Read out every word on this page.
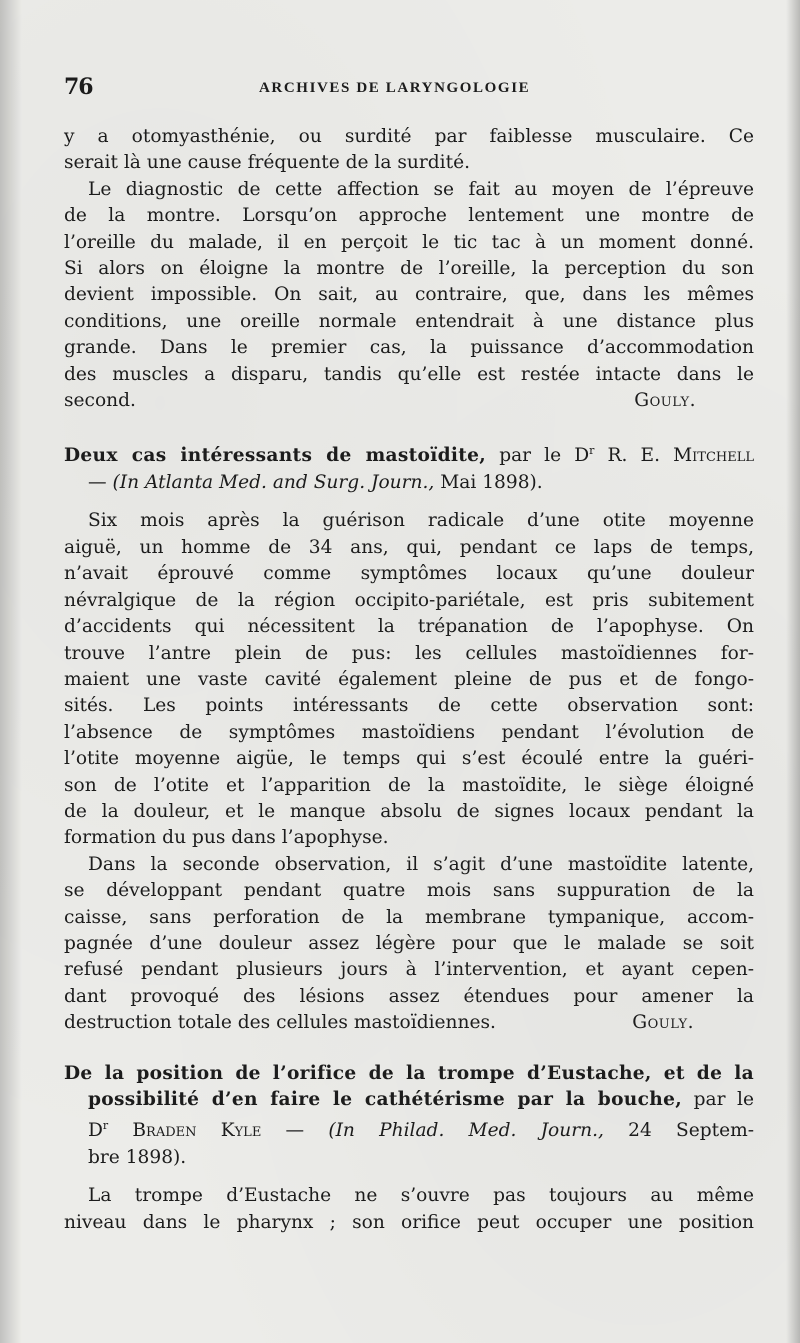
76	ARCHIVES DE LARYNGOLOGIE

y a otomyasthénie, ou surdité par faiblesse musculaire. Ce

serait là une cause fréquente de la surdité.

Le diagnostic de cette affection se fait au moyen de l’épreuve

de la montre. Lorsqu’on approche lentement une montre de

l’oreille du malade, il en perçoit le tic tac à un moment donné.

Si alors on éloigne la montre de l’oreille, la perception du son

devient impossible. On sait, au contraire, que, dans les mêmes

conditions, une oreille normale entendrait à une distance plus

grande. Dans le premier cas, la puissance d’accommodation

des muscles a disparu, tandis qu’elle est restée intacte dans le

second.	Gouly.

Deux cas intéressants de mastoïdite, par le $D^r$ R. E. Mitchell

— (In Atlanta Med. and Surg. Journ., Mai 1898).

Six mois après la guérison radicale d’une otite moyenne

aiguë, un homme de 34 ans, qui, pendant ce laps de temps,

n’avait éprouvé comme symptômes locaux qu’une douleur

névralgique de la région occipito-pariétale, est pris subitement

d’accidents qui nécessitent la trépanation de l’apophyse. On

trouve l’antre plein de pus: les cellules mastoïdiennes for-

maient une vaste cavité également pleine de pus et de fongo-

sités. Les points intéressants de cette observation sont:

l’absence de symptômes mastoïdiens pendant l’évolution de

l’otite moyenne aigüe, le temps qui s’est écoulé entre la guéri-

son de l’otite et l’apparition de la mastoïdite, le siège éloigné

de la douleur, et le manque absolu de signes locaux pendant la

formation du pus dans l’apophyse.

Dans la seconde observation, il s’agit d’une mastoïdite latente,

se développant pendant quatre mois sans suppuration de la

caisse, sans perforation de la membrane tympanique, accom-

pagnée d’une douleur assez légère pour que le malade se soit

refusé pendant plusieurs jours à l’intervention, et ayant cepen-

dant provoqué des lésions assez étendues pour amener la

destruction totale des cellules mastoïdiennes.	Gouly.

De la position de l’orifice de la trompe d’Eustache, et de la

possibilité d’en faire le cathétérisme par la bouche, par le

$D^r$ Braden Kyle — (In Philad. Med. Journ., 24 Septem-

bre 1898).

La trompe d’Eustache ne s’ouvre pas toujours au même

niveau dans le pharynx ; son orifice peut occuper une position
